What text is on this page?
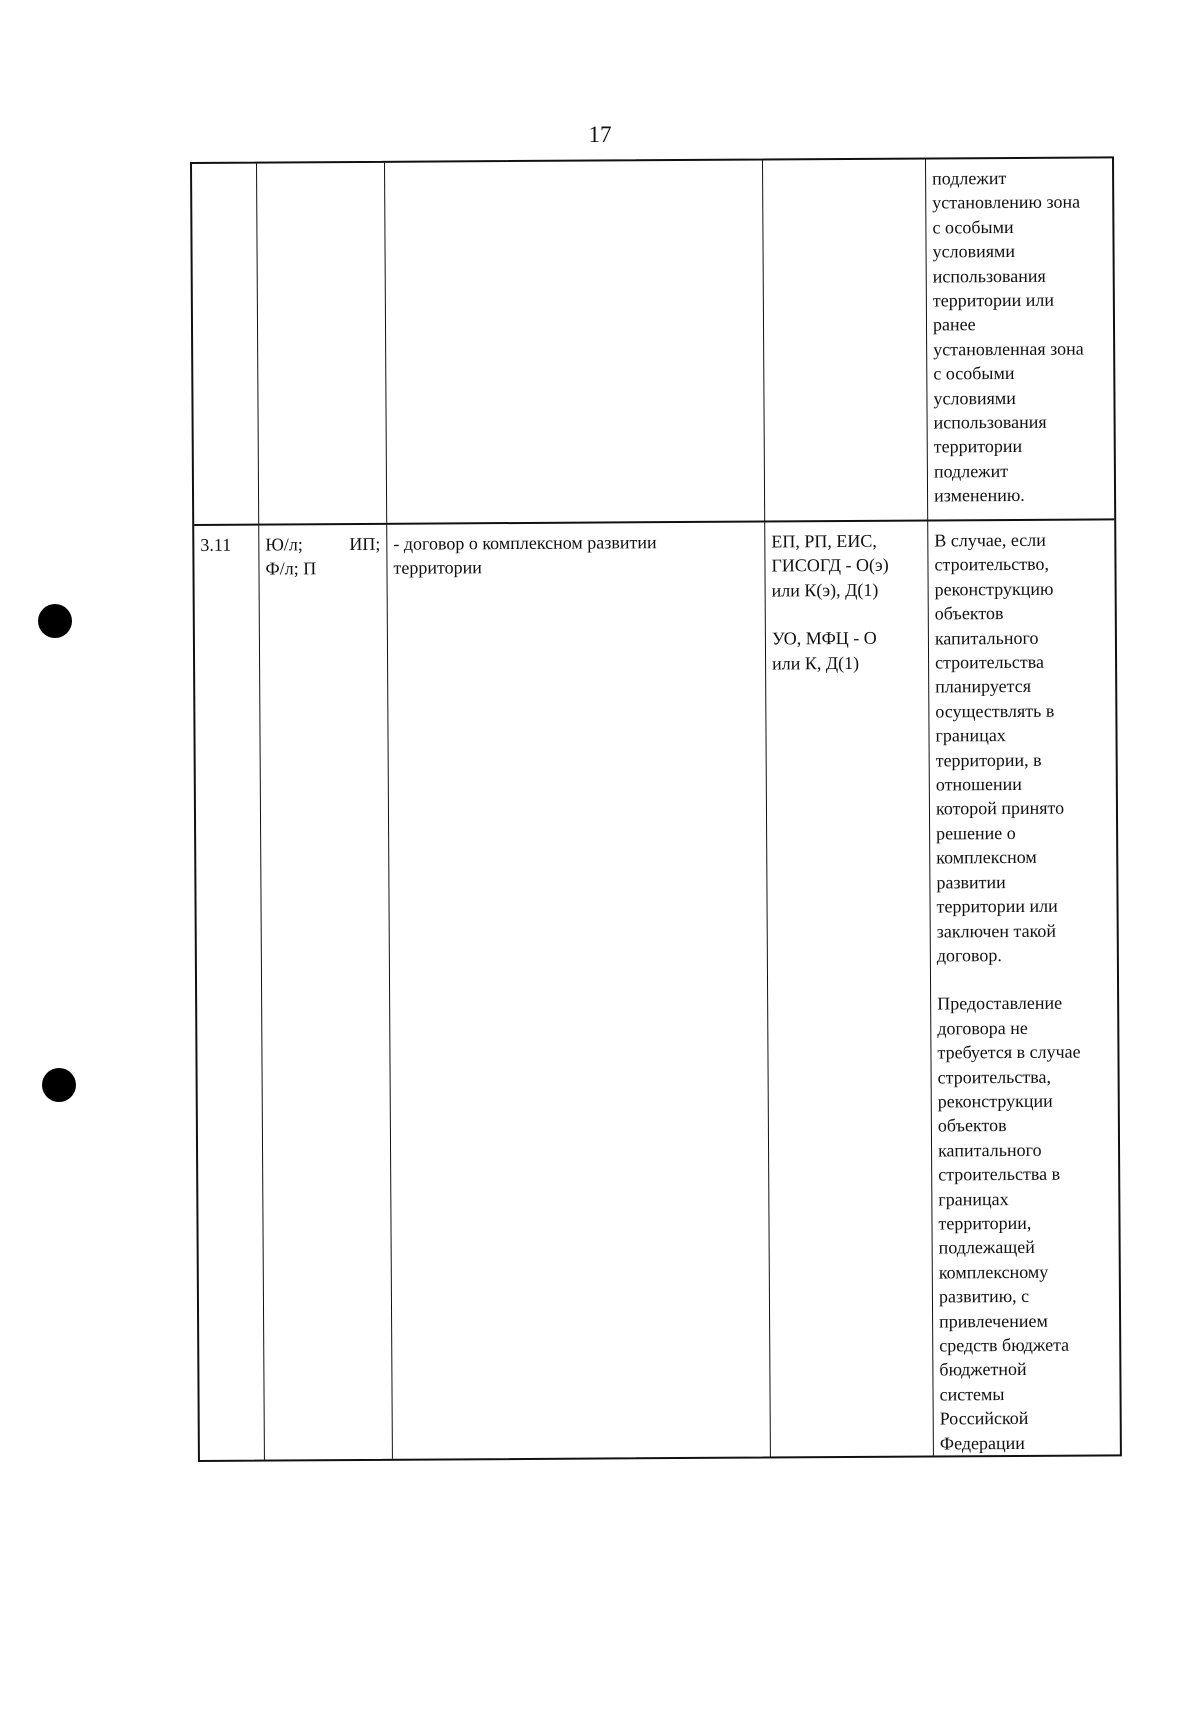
17
подлежит
установлению зона
с особыми
условиями
использования
территории или
ранее
установленная зона
с особыми
условиями
использования
территории
подлежит
изменению.
3.11	Ю/л;	ИП;
Ф/л; П
- договор о комплексном развитии
территории
ЕП, РП, ЕИС,
ГИСОГД - О(э)
или К(э), Д(1)
УО, МФЦ - О
или К, Д(1)
В случае, если
строительство,
реконструкцию
объектов
капитального
строительства
планируется
осуществлять в
границах
территории, в
отношении
которой принято
решение о
комплексном
развитии
территории или
заключен такой
договор.
Предоставление
договора не
требуется в случае
строительства,
реконструкции
объектов
капитального
строительства в
границах
территории,
подлежащей
комплексному
развитию, с
привлечением
средств бюджета
бюджетной
системы
Российской
Федерации
